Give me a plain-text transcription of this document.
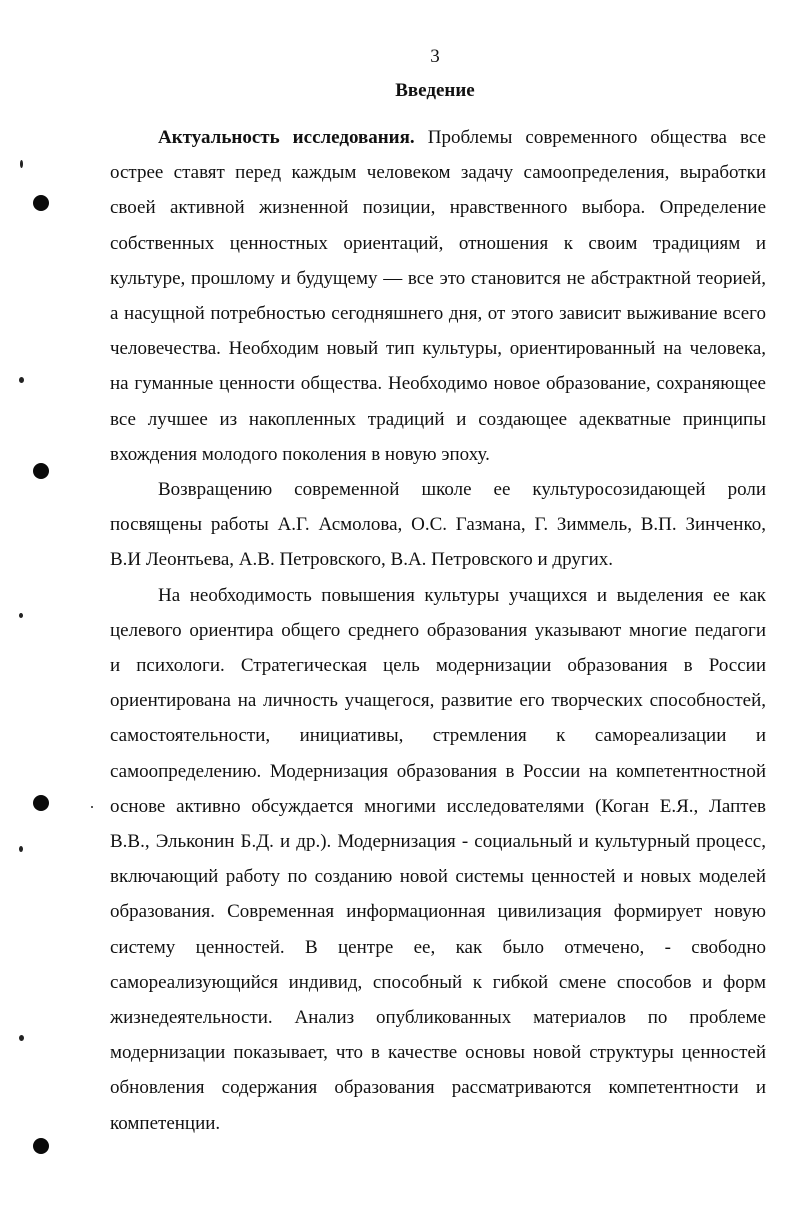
3
Введение

Актуальность исследования. Проблемы современного общества все
острее ставят перед каждым человеком задачу самоопределения, выработки
своей активной жизненной позиции, нравственного выбора. Определение
собственных ценностных ориентаций, отношения к своим традициям и
культуре, прошлому и будущему — все это становится не абстрактной теорией,
а насущной потребностью сегодняшнего дня, от этого зависит выживание всего
человечества. Необходим новый тип культуры, ориентированный на человека,
на гуманные ценности общества. Необходимо новое образование, сохраняющее
все лучшее из накопленных традиций и создающее адекватные принципы
вхождения молодого поколения в новую эпоху.

Возвращению современной школе ее культуросозидающей роли
посвящены работы А.Г. Асмолова, О.С. Газмана, Г. Зиммель, В.П. Зинченко,
В.И Леонтьева, А.В. Петровского, В.А. Петровского и других.

На необходимость повышения культуры учащихся и выделения ее как
целевого ориентира общего среднего образования указывают многие педагоги
и психологи. Стратегическая цель модернизации образования в России
ориентирована на личность учащегося, развитие его творческих способностей,
самостоятельности, инициативы, стремления к самореализации и
самоопределению. Модернизация образования в России на компетентностной
основе активно обсуждается многими исследователями (Коган Е.Я., Лаптев
В.В., Эльконин Б.Д. и др.). Модернизация - социальный и культурный процесс,
включающий работу по созданию новой системы ценностей и новых моделей
образования. Современная информационная цивилизация формирует новую
систему ценностей. В центре ее, как было отмечено, - свободно
самореализующийся индивид, способный к гибкой смене способов и форм
жизнедеятельности. Анализ опубликованных материалов по проблеме
модернизации показывает, что в качестве основы новой структуры ценностей
обновления содержания образования рассматриваются компетентности и
компетенции.
